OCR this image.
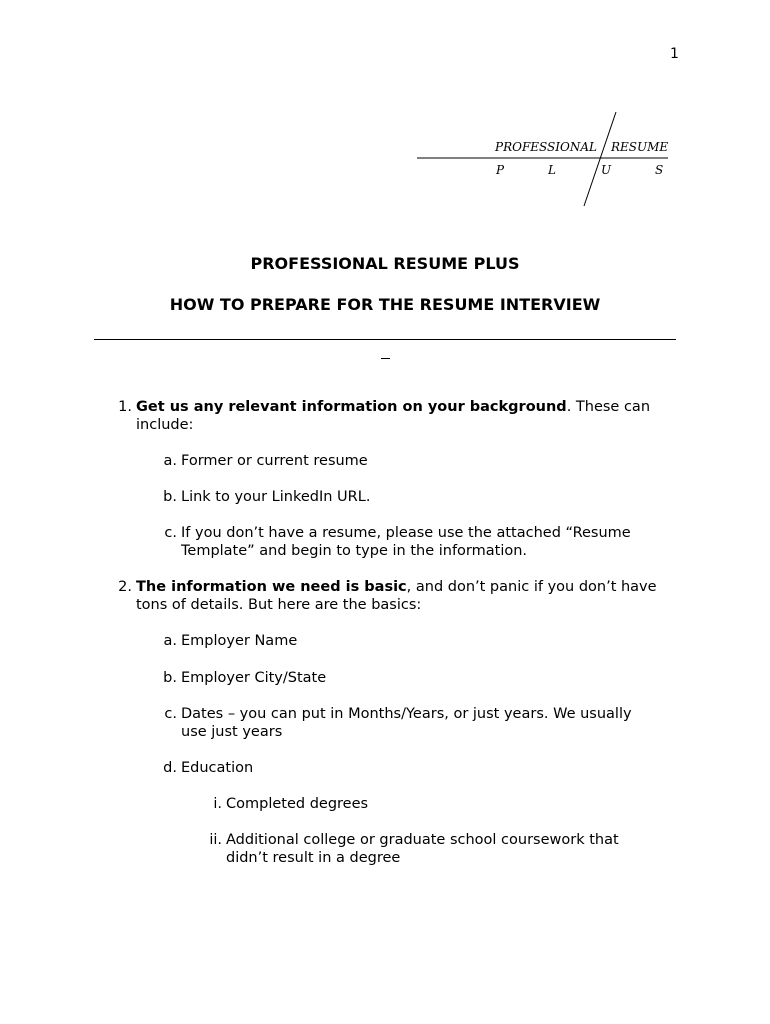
1
PROFESSIONAL RESUME
P	L	U	S
PROFESSIONAL RESUME PLUS
HOW TO PREPARE FOR THE RESUME INTERVIEW
1. Get us any relevant information on your background. These can
include:
a. Former or current resume
b. Link to your LinkedIn URL.
c. If you don’t have a resume, please use the attached “Resume
Template” and begin to type in the information.
2. The information we need is basic, and don’t panic if you don’t have
tons of details. But here are the basics:
a. Employer Name
b. Employer City/State
c. Dates – you can put in Months/Years, or just years. We usually
use just years
d. Education
i. Completed degrees
ii. Additional college or graduate school coursework that
didn’t result in a degree
